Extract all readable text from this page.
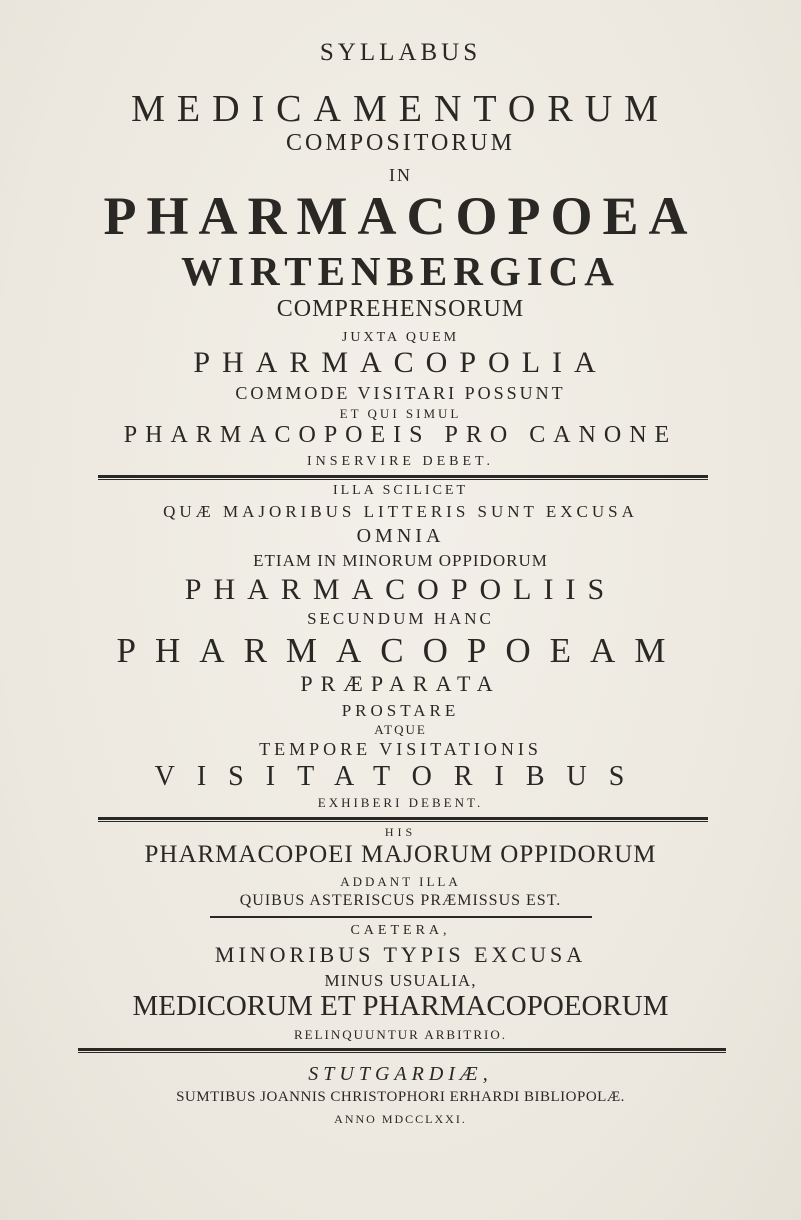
SYLLABUS
MEDICAMENTORUM
COMPOSITORUM
IN
PHARMACOPOEA
WIRTENBERGICA
COMPREHENSORUM
JUXTA QUEM
PHARMACOPOLIA
COMMODE VISITARI POSSUNT
ET QUI SIMUL
PHARMACOPOEIS PRO CANONE
INSERVIRE DEBET.
ILLA SCILICET
QUÆ MAJORIBUS LITTERIS SUNT EXCUSA
OMNIA
ETIAM IN MINORUM OPPIDORUM
PHARMACOPOLIIS
SECUNDUM HANC
PHARMACOPOEAM
PRÆPARATA
PROSTARE
ATQUE
TEMPORE VISITATIONIS
VISITATORIBUS
EXHIBERI DEBENT.
HIS
PHARMACOPOEI MAJORUM OPPIDORUM
ADDANT ILLA
QUIBUS ASTERISCUS PRÆMISSUS EST.
CAETERA,
MINORIBUS TYPIS EXCUSA
MINUS USUALIA,
MEDICORUM ET PHARMACOPOEORUM
RELINQUUNTUR ARBITRIO.
STUTGARDIÆ,
SUMTIBUS JOANNIS CHRISTOPHORI ERHARDI BIBLIOPOLÆ.
ANNO MDCCLXXI.
